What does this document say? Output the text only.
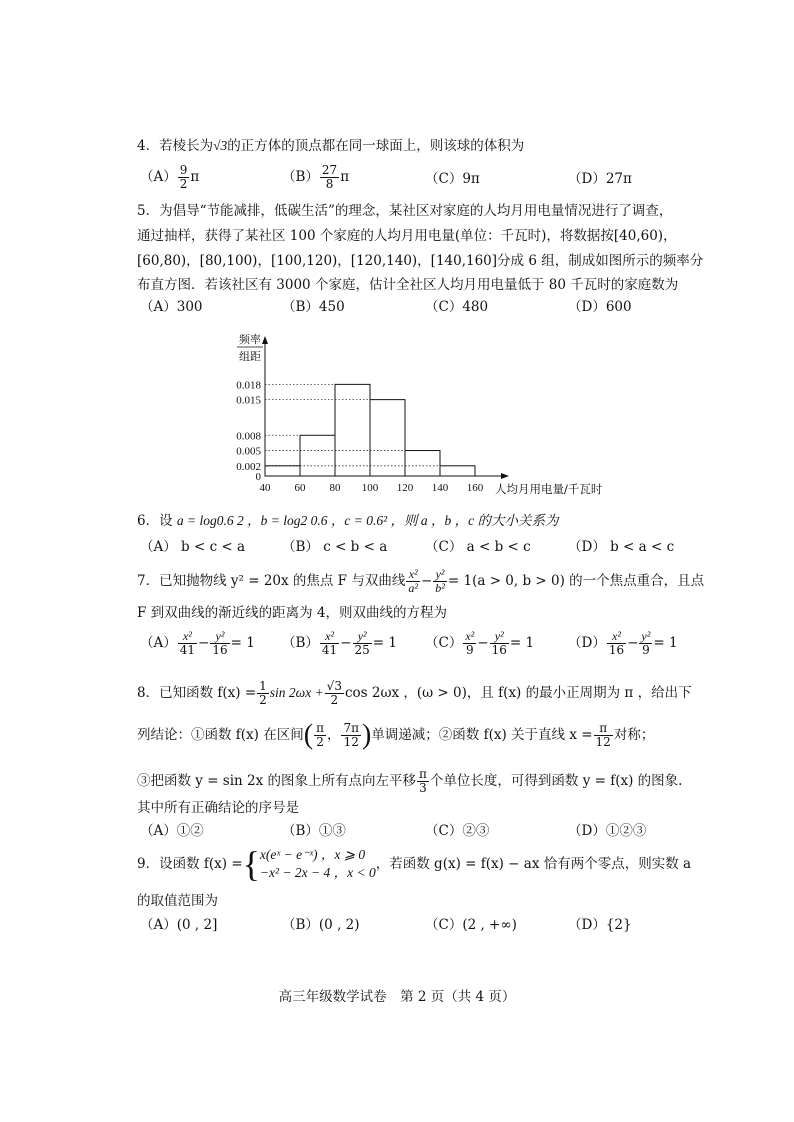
4．若棱长为√3的正方体的顶点都在同一球面上，则该球的体积为
$(A) \frac{9}{2}$ π	$(B) \frac{27}{8}$ π	（C）9π	（D）27π
5．为倡导“节能减排，低碳生活”的理念，某社区对家庭的人均月用电量情况进行了调查，
通过抽样，获得了某社区 100 个家庭的人均月用电量(单位：千瓦时)，将数据按[40,60)，
[60,80)，[80,100)，[100,120)，[120,140)，[140,160]分成 6 组，制成如图所示的频率分
布直方图．若该社区有 3000 个家庭，估计全社区人均月用电量低于 80 千瓦时的家庭数为
（A）300	（B）450	（C）480	（D）600
0
0.002
0.005
0.008
0.015
0.018
40 60 80 100 120 140 160 人均月用电量/千瓦时
频率
组距
6．设 a = log0.6 2 ，b = log2 0.6 ，c = 0.6² ，则 a ，b ，c 的大小关系为
（A） b < c < a	（B） c < b < a	（C） a < b < c	（D） b < a < c
7．已知抛物线 y² = 20x 的焦点 F 与双曲线 $\frac{\text{x²}}{\text{a²}} - \frac{\text{y²}}{\text{b²}} = 1(a > 0$, b > 0) 的一个焦点重合，且点
F 到双曲线的渐近线的距离为 4，则双曲线的方程为
$(A) \frac{\text{x²}}{41} - \frac{\text{y²}}{16} = 1$ $(B) \frac{\text{x²}}{41} - \frac{\text{y²}}{25} = 1$ $(C) \frac{\text{x²}}{9} - \frac{\text{y²}}{16} = 1$	$(D) \frac{\text{x²}}{16} - \frac{\text{y²}}{9} = 1$
8．已知函数 $f(x) = \frac{1}{2}$ $\sin 2\omega x + \frac{√3}{2}$ cos 2ωx ，(ω > 0)，且 f(x) 的最小正周期为 π ，给出下
列结论：①函数 f(x) 在区间( $\frac{\pi}{2}$ ， $\frac{7\pi}{12}$ )单调递减；②函数 f(x) 关于直线 $x = \frac{\pi}{12}$ 对称；
③把函数 y = sin 2x 的图象上所有点向左平移 $\frac{\pi}{3}$ 个单位长度，可得到函数 y = f(x) 的图象.
其中所有正确结论的序号是
（A）①②	（B）①③	（C）②③	（D）①②③
9．设函数 f(x) ={ x(eˣ − e⁻ˣ) ，x ⩾ 0
−x² − 2x − 4 ，x < 0
，若函数 g(x) = f(x) − ax 恰有两个零点，则实数 a
的取值范围为
（A）(0 , 2]	（B）(0 , 2)	（C）(2 , +∞)	（D）{2}
高三年级数学试卷　第 2 页（共 4 页）
